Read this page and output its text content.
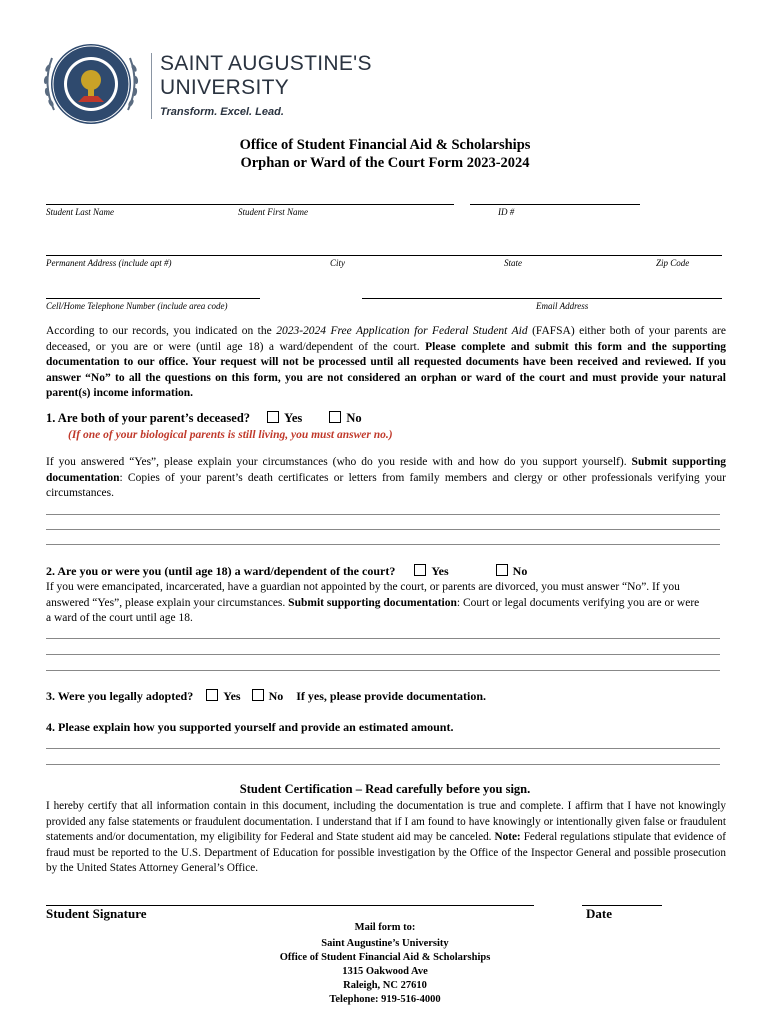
SAINT AUGUSTINE'S
UNIVERSITY
Transform. Excel. Lead.
Office of Student Financial Aid & Scholarships
Orphan or Ward of the Court Form 2023-2024
Student Last Name	Student First Name	ID #
Permanent Address (include apt #)	City	State	Zip Code
Cell/Home Telephone Number (include area code)	Email Address
According to our records, you indicated on the 2023-2024 Free Application for Federal Student Aid (FAFSA) either both of your parents are deceased, or you are or were (until age 18) a ward/dependent of the court. Please complete and submit this form and the supporting documentation to our office. Your request will not be processed until all requested documents have been received and reviewed. If you answer “No” to all the questions on this form, you are not considered an orphan or ward of the court and must provide your natural parent(s) income information.
1. Are both of your parent’s deceased?	Yes	No
(If one of your biological parents is still living, you must answer no.)
If you answered “Yes”, please explain your circumstances (who do you reside with and how do you support yourself). Submit supporting documentation: Copies of your parent’s death certificates or letters from family members and clergy or other professionals verifying your circumstances.
2. Are you or were you (until age 18) a ward/dependent of the court?	Yes	No
If you were emancipated, incarcerated, have a guardian not appointed by the court, or parents are divorced, you must answer “No”. If you answered “Yes”, please explain your circumstances. Submit supporting documentation: Court or legal documents verifying you are or were a ward of the court until age 18.
3. Were you legally adopted?	Yes No If yes, please provide documentation.
4. Please explain how you supported yourself and provide an estimated amount.
Student Certification – Read carefully before you sign.
I hereby certify that all information contain in this document, including the documentation is true and complete. I affirm that I have not knowingly provided any false statements or fraudulent documentation. I understand that if I am found to have knowingly or intentionally given false or fraudulent statements and/or documentation, my eligibility for Federal and State student aid may be canceled. Note: Federal regulations stipulate that evidence of fraud must be reported to the U.S. Department of Education for possible investigation by the Office of the Inspector General and possible prosecution by the United States Attorney General’s Office.
Student Signature	Date
Mail form to:
Saint Augustine’s University
Office of Student Financial Aid & Scholarships
1315 Oakwood Ave
Raleigh, NC 27610
Telephone: 919-516-4000
